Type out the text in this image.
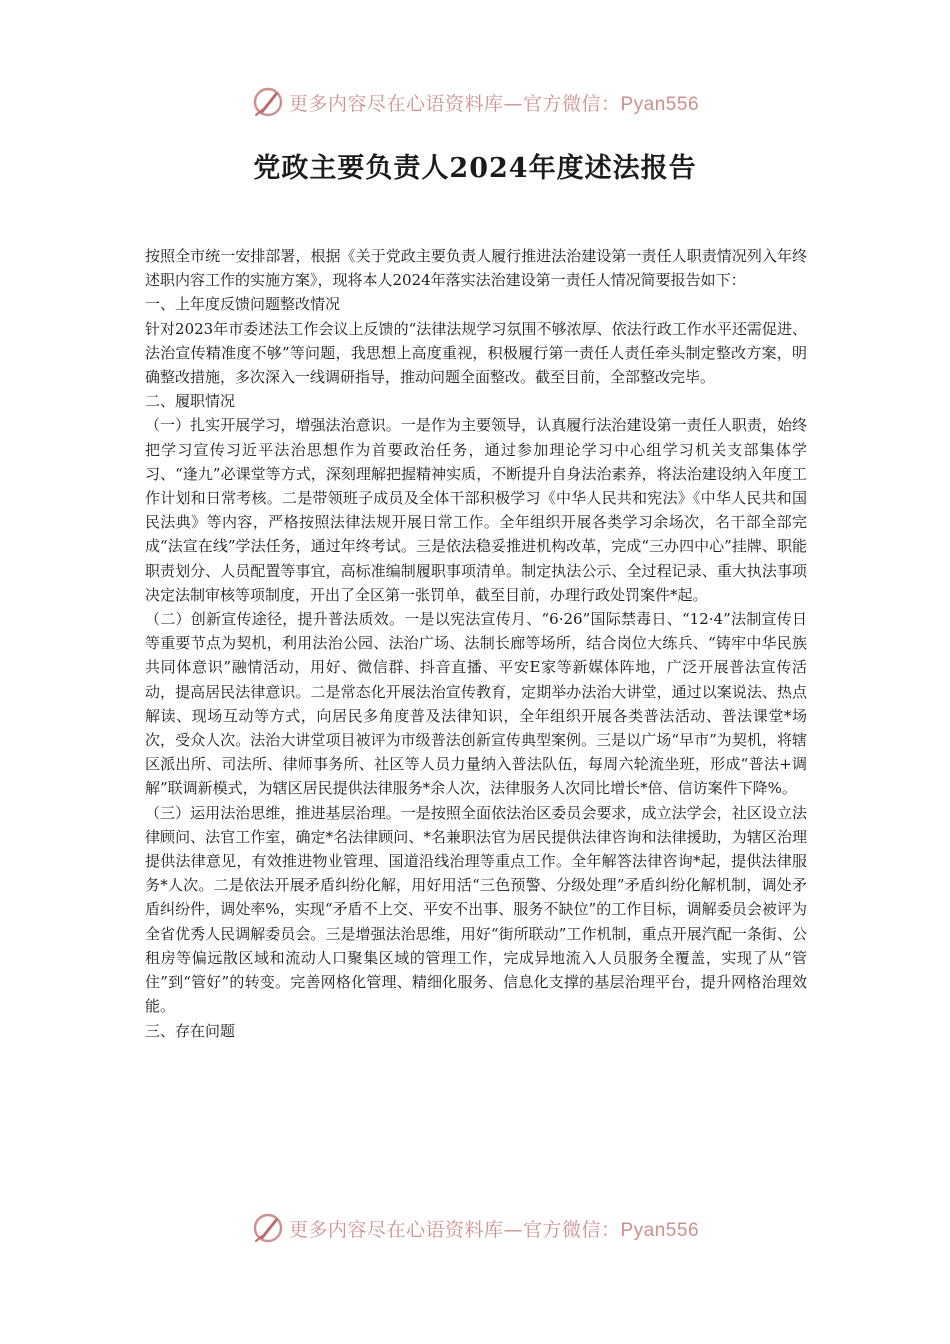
更多内容尽在心语资料库—官方微信：Pyan556
党政主要负责人2024年度述法报告

按照全市统一安排部署，根据《关于党政主要负责人履行推进法治建设第一责任人职责情况列入年终述职内容工作的实施方案》，现将本人2024年落实法治建设第一责任人情况简要报告如下：

一、上年度反馈问题整改情况

针对2023年市委述法工作会议上反馈的“法律法规学习氛围不够浓厚、依法行政工作水平还需促进、法治宣传精准度不够”等问题，我思想上高度重视，积极履行第一责任人责任牵头制定整改方案，明确整改措施，多次深入一线调研指导，推动问题全面整改。截至目前，全部整改完毕。

二、履职情况

（一）扎实开展学习，增强法治意识。一是作为主要领导，认真履行法治建设第一责任人职责，始终把学习宣传习近平法治思想作为首要政治任务，通过参加理论学习中心组学习机关支部集体学习、“逢九”必课堂等方式，深刻理解把握精神实质，不断提升自身法治素养，将法治建设纳入年度工作计划和日常考核。二是带领班子成员及全体干部积极学习《中华人民共和宪法》《中华人民共和国民法典》等内容，严格按照法律法规开展日常工作。全年组织开展各类学习余场次，名干部全部完成“法宣在线”学法任务，通过年终考试。三是依法稳妥推进机构改革，完成“三办四中心”挂牌、职能职责划分、人员配置等事宜，高标准编制履职事项清单。制定执法公示、全过程记录、重大执法事项决定法制审核等项制度，开出了全区第一张罚单，截至目前，办理行政处罚案件*起。

（二）创新宣传途径，提升普法质效。一是以宪法宣传月、“6·26”国际禁毒日、“12·4”法制宣传日等重要节点为契机，利用法治公园、法治广场、法制长廊等场所，结合岗位大练兵、“铸牢中华民族共同体意识”融情活动，用好、微信群、抖音直播、平安E家等新媒体阵地，广泛开展普法宣传活动，提高居民法律意识。二是常态化开展法治宣传教育，定期举办法治大讲堂，通过以案说法、热点解读、现场互动等方式，向居民多角度普及法律知识，全年组织开展各类普法活动、普法课堂*场次，受众人次。法治大讲堂项目被评为市级普法创新宣传典型案例。三是以广场“早市”为契机，将辖区派出所、司法所、律师事务所、社区等人员力量纳入普法队伍，每周六轮流坐班，形成“普法+调解”联调新模式，为辖区居民提供法律服务*余人次，法律服务人次同比增长*倍、信访案件下降%。

（三）运用法治思维，推进基层治理。一是按照全面依法治区委员会要求，成立法学会，社区设立法律顾问、法官工作室，确定*名法律顾问、*名兼职法官为居民提供法律咨询和法律援助，为辖区治理提供法律意见，有效推进物业管理、国道沿线治理等重点工作。全年解答法律咨询*起，提供法律服务*人次。二是依法开展矛盾纠纷化解，用好用活“三色预警、分级处理”矛盾纠纷化解机制，调处矛盾纠纷件，调处率%，实现“矛盾不上交、平安不出事、服务不缺位”的工作目标，调解委员会被评为全省优秀人民调解委员会。三是增强法治思维，用好“街所联动”工作机制，重点开展汽配一条街、公租房等偏远散区域和流动人口聚集区域的管理工作，完成异地流入人员服务全覆盖，实现了从“管住”到“管好”的转变。完善网格化管理、精细化服务、信息化支撑的基层治理平台，提升网格治理效能。

三、存在问题

更多内容尽在心语资料库—官方微信：Pyan556
